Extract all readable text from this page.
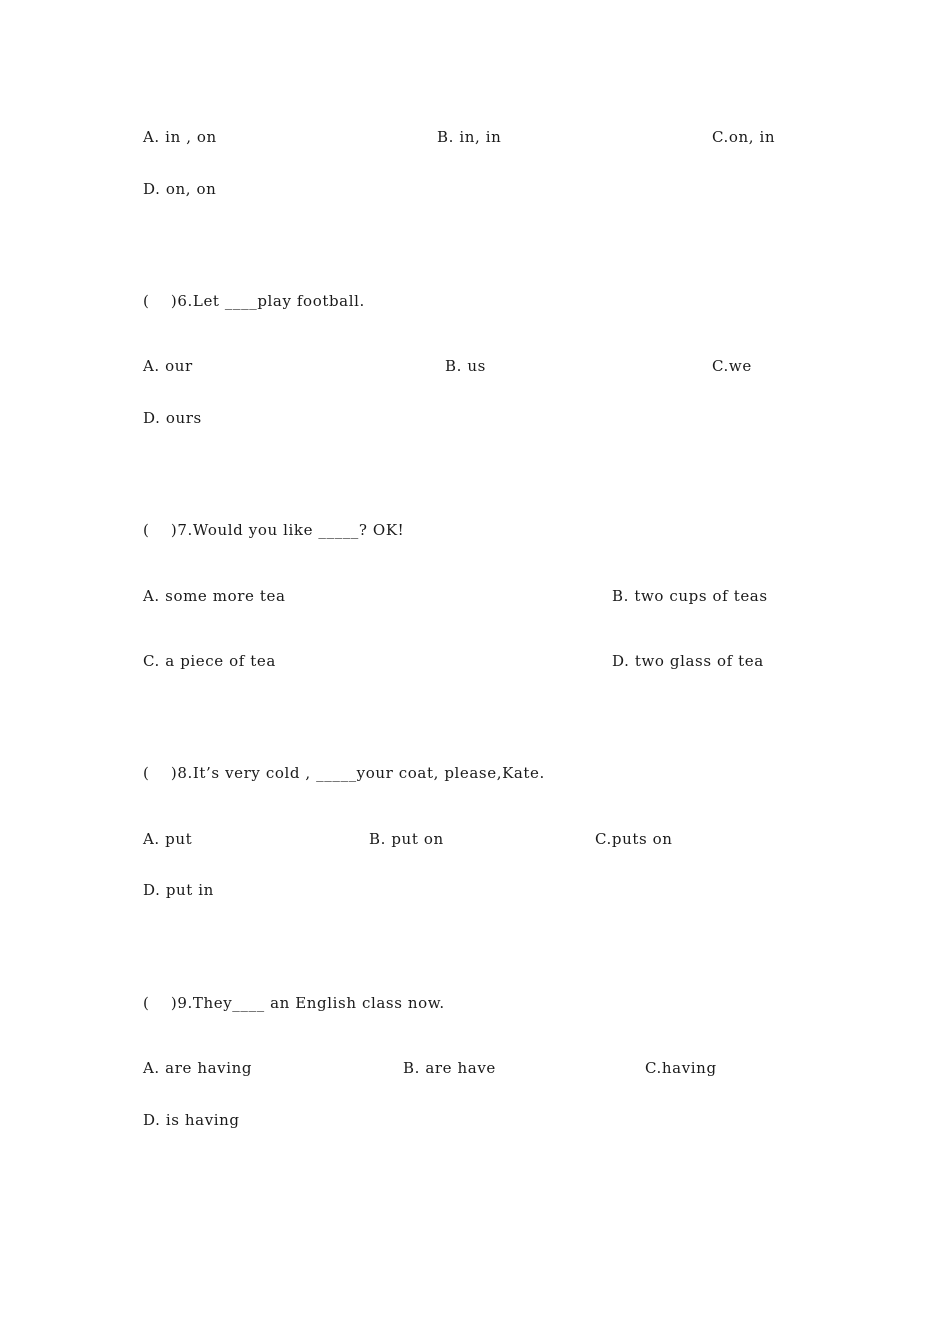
A. in , on	B. in, in	C.on, in
D. on, on
(    )6.Let ____play football.
A. our	B. us	C.we
D. ours
(    )7.Would you like _____? OK!
A. some more tea	B. two cups of teas
C. a piece of tea	D. two glass of tea
(    )8.It’s very cold , _____your coat, please,Kate.
A. put	B. put on	C.puts on
D. put in
(    )9.They____ an English class now.
A. are having	B. are have	C.having
D. is having
